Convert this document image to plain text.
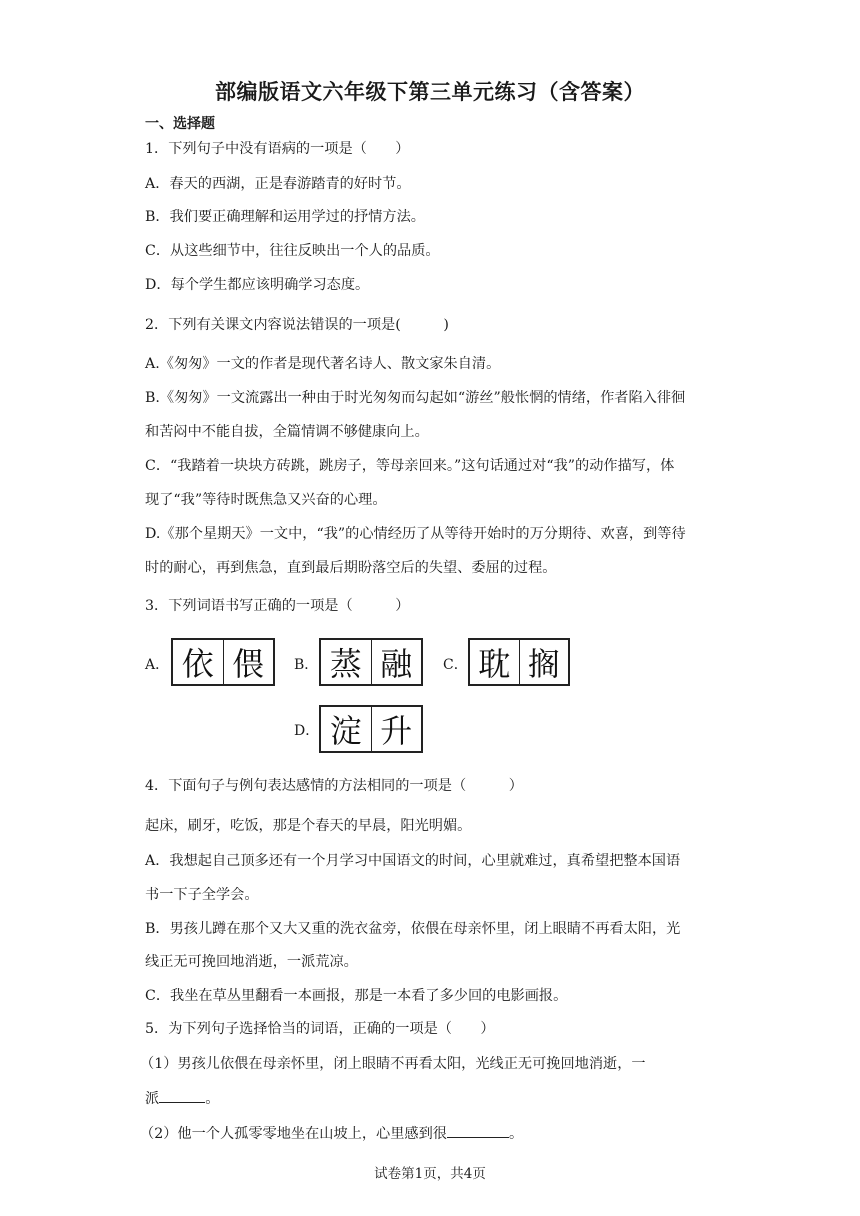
部编版语文六年级下第三单元练习（含答案）
一、选择题
1．下列句子中没有语病的一项是（　　）
A．春天的西湖，正是春游踏青的好时节。
B．我们要正确理解和运用学过的抒情方法。
C．从这些细节中，往往反映出一个人的品质。
D．每个学生都应该明确学习态度。
2．下列有关课文内容说法错误的一项是(　　　)
A.《匆匆》一文的作者是现代著名诗人、散文家朱自清。
B.《匆匆》一文流露出一种由于时光匆匆而勾起如“游丝”般怅惘的情绪，作者陷入徘徊
和苦闷中不能自拔，全篇情调不够健康向上。
C．“我踏着一块块方砖跳，跳房子，等母亲回来。”这句话通过对“我”的动作描写，体
现了“我”等待时既焦急又兴奋的心理。
D.《那个星期天》一文中，“我”的心情经历了从等待开始时的万分期待、欢喜，到等待
时的耐心，再到焦急，直到最后期盼落空后的失望、委屈的过程。
3．下列词语书写正确的一项是（　　　）
A． 依 偎	B． 蒸 融	C． 耽 搁
D． 淀 升
4．下面句子与例句表达感情的方法相同的一项是（　　　）
起床，刷牙，吃饭，那是个春天的早晨，阳光明媚。
A．我想起自己顶多还有一个月学习中国语文的时间，心里就难过，真希望把整本国语
书一下子全学会。
B．男孩儿蹲在那个又大又重的洗衣盆旁，依偎在母亲怀里，闭上眼睛不再看太阳，光
线正无可挽回地消逝，一派荒凉。
C．我坐在草丛里翻看一本画报，那是一本看了多少回的电影画报。
5．为下列句子选择恰当的词语，正确的一项是（　　）
（1）男孩儿依偎在母亲怀里，闭上眼睛不再看太阳，光线正无可挽回地消逝，一
派	。
（2）他一个人孤零零地坐在山坡上，心里感到很	。
试卷第1页，共4页
